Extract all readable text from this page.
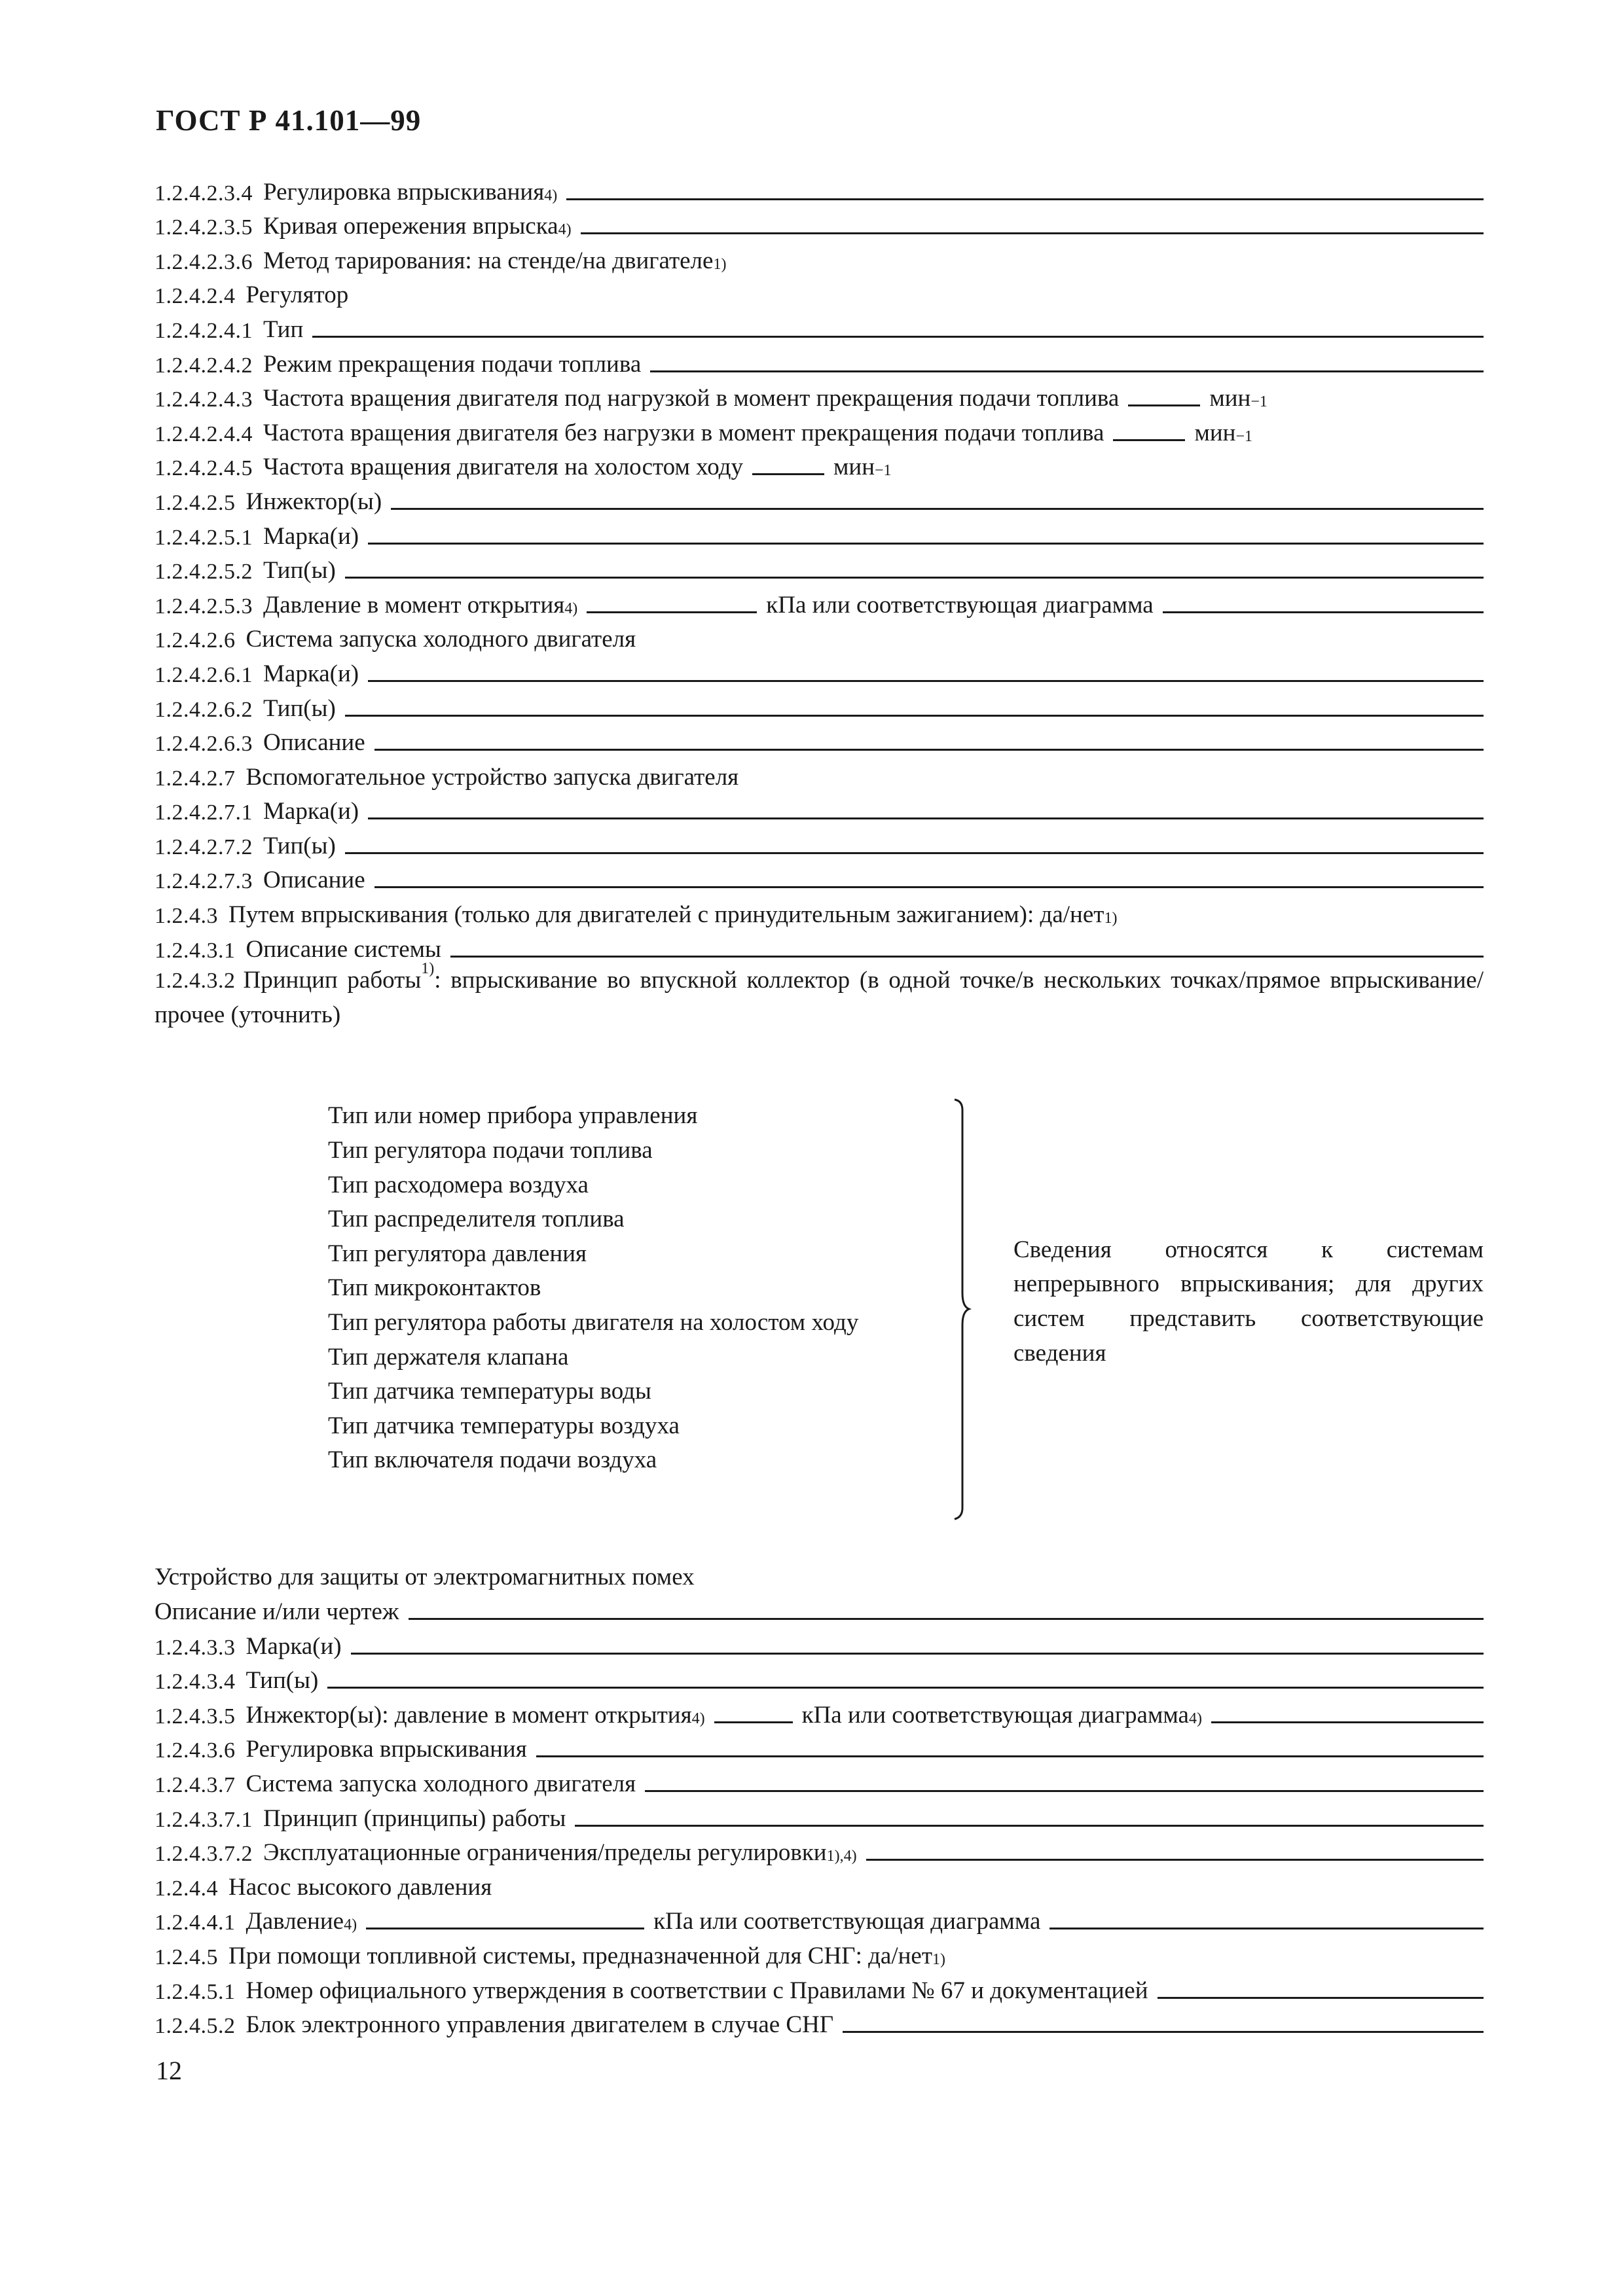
ГОСТ Р 41.101—99
1.2.4.2.3.4 Регулировка впрыскивания$^{4)}$
1.2.4.2.3.5 Кривая опережения впрыска$^{4)}$
1.2.4.2.3.6 Метод тарирования: на стенде/на двигателе$^{1)}$
1.2.4.2.4 Регулятор
1.2.4.2.4.1 Тип
1.2.4.2.4.2 Режим прекращения подачи топлива
1.2.4.2.4.3 Частота вращения двигателя под нагрузкой в момент прекращения подачи топлива	мин$^{-1}$
1.2.4.2.4.4 Частота вращения двигателя без нагрузки в момент прекращения подачи топлива	мин$^{-1}$
1.2.4.2.4.5 Частота вращения двигателя на холостом ходу	мин$^{-1}$
1.2.4.2.5 Инжектор(ы)
1.2.4.2.5.1 Марка(и)
1.2.4.2.5.2 Тип(ы)
1.2.4.2.5.3 Давление в момент открытия$^{4)}$	кПа или соответствующая диаграмма
1.2.4.2.6 Система запуска холодного двигателя
1.2.4.2.6.1 Марка(и)
1.2.4.2.6.2 Тип(ы)
1.2.4.2.6.3 Описание
1.2.4.2.7 Вспомогательное устройство запуска двигателя
1.2.4.2.7.1 Марка(и)
1.2.4.2.7.2 Тип(ы)
1.2.4.2.7.3 Описание
1.2.4.3 Путем впрыскивания (только для двигателей с принудительным зажиганием): да/нет$^{1)}$
1.2.4.3.1 Описание системы
1.2.4.3.2 Принцип работы$^{1)}$: впрыскивание во впускной коллектор (в одной точке/в нескольких точках/прямое впрыскивание/прочее (уточнить)
Тип или номер прибора управления
Тип регулятора подачи топлива
Тип расходомера воздуха
Тип распределителя топлива
Тип регулятора давления
Тип микроконтактов
Тип регулятора работы двигателя на холостом ходу
Тип держателя клапана
Тип датчика температуры воды
Тип датчика температуры воздуха
Тип включателя подачи воздуха
Сведения относятся к системам непрерывного впрыскивания; для других систем представить соответствующие сведения
Устройство для защиты от электромагнитных помех
Описание и/или чертеж
1.2.4.3.3 Марка(и)
1.2.4.3.4 Тип(ы)
1.2.4.3.5 Инжектор(ы): давление в момент открытия$^{4)}$	кПа или соответствующая диаграмма$^{4)}$
1.2.4.3.6 Регулировка впрыскивания
1.2.4.3.7 Система запуска холодного двигателя
1.2.4.3.7.1 Принцип (принципы) работы
1.2.4.3.7.2 Эксплуатационные ограничения/пределы регулировки$^{1),4)}$
1.2.4.4 Насос высокого давления
1.2.4.4.1 Давление$^{4)}$	кПа или соответствующая диаграмма
1.2.4.5 При помощи топливной системы, предназначенной для СНГ: да/нет$^{1)}$
1.2.4.5.1 Номер официального утверждения в соответствии с Правилами № 67 и документацией
1.2.4.5.2 Блок электронного управления двигателем в случае СНГ
12
